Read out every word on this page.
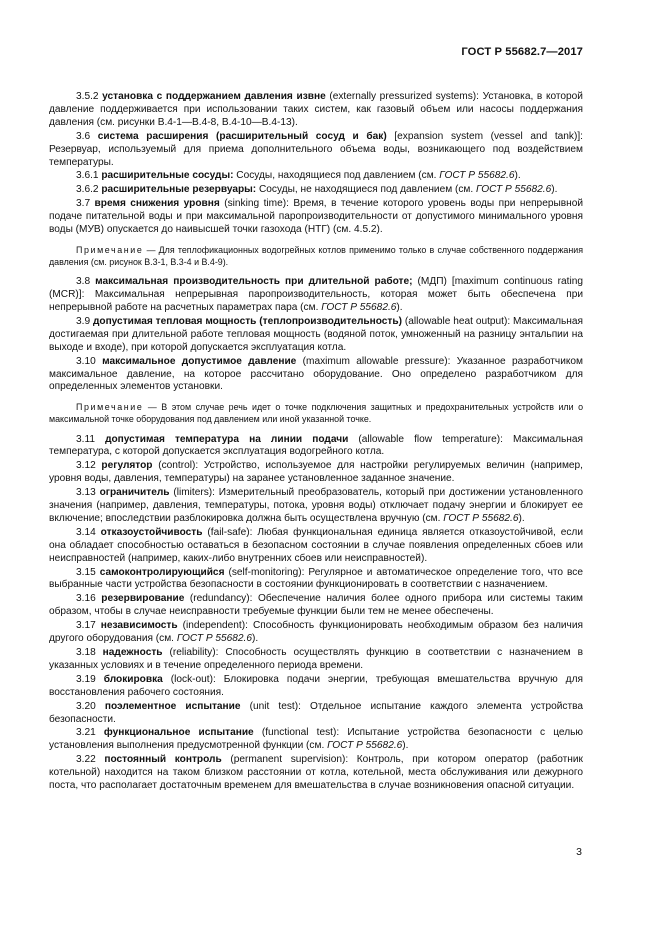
ГОСТ Р 55682.7—2017

3.5.2 установка с поддержанием давления извне (externally pressurized systems): Установка, в которой давление поддерживается при использовании таких систем, как газовый объем или насосы поддержания давления (см. рисунки В.4-1—В.4-8, В.4-10—В.4-13).

3.6 система расширения (расширительный сосуд и бак) [expansion system (vessel and tank)]: Резервуар, используемый для приема дополнительного объема воды, возникающего под воздействием температуры.

3.6.1 расширительные сосуды: Сосуды, находящиеся под давлением (см. ГОСТ Р 55682.6).

3.6.2 расширительные резервуары: Сосуды, не находящиеся под давлением (см. ГОСТ Р 55682.6).

3.7 время снижения уровня (sinking time): Время, в течение которого уровень воды при непрерывной подаче питательной воды и при максимальной паропроизводительности от допустимого минимального уровня воды (МУВ) опускается до наивысшей точки газохода (НТГ) (см. 4.5.2).

Примечание — Для теплофикационных водогрейных котлов применимо только в случае собственного поддержания давления (см. рисунок В.3-1, В.3-4 и В.4-9).

3.8 максимальная производительность при длительной работе; (МДП) [maximum continuous rating (MCR)]: Максимальная непрерывная паропроизводительность, которая может быть обеспечена при непрерывной работе на расчетных параметрах пара (см. ГОСТ Р 55682.6).

3.9 допустимая тепловая мощность (теплопроизводительность) (allowable heat output): Максимальная достигаемая при длительной работе тепловая мощность (водяной поток, умноженный на разницу энтальпии на выходе и входе), при которой допускается эксплуатация котла.

3.10 максимальное допустимое давление (maximum allowable pressure): Указанное разработчиком максимальное давление, на которое рассчитано оборудование. Оно определено разработчиком для определенных элементов установки.

Примечание — В этом случае речь идет о точке подключения защитных и предохранительных устройств или о максимальной точке оборудования под давлением или иной указанной точке.

3.11 допустимая температура на линии подачи (allowable flow temperature): Максимальная температура, с которой допускается эксплуатация водогрейного котла.

3.12 регулятор (control): Устройство, используемое для настройки регулируемых величин (например, уровня воды, давления, температуры) на заранее установленное заданное значение.

3.13 ограничитель (limiters): Измерительный преобразователь, который при достижении установленного значения (например, давления, температуры, потока, уровня воды) отключает подачу энергии и блокирует ее включение; впоследствии разблокировка должна быть осуществлена вручную (см. ГОСТ Р 55682.6).

3.14 отказоустойчивость (fail-safe): Любая функциональная единица является отказоустойчивой, если она обладает способностью оставаться в безопасном состоянии в случае появления определенных сбоев или неисправностей (например, каких-либо внутренних сбоев или неисправностей).

3.15 самоконтролирующийся (self-monitoring): Регулярное и автоматическое определение того, что все выбранные части устройства безопасности в состоянии функционировать в соответствии с назначением.

3.16 резервирование (redundancy): Обеспечение наличия более одного прибора или системы таким образом, чтобы в случае неисправности требуемые функции были тем не менее обеспечены.

3.17 независимость (independent): Способность функционировать необходимым образом без наличия другого оборудования (см. ГОСТ Р 55682.6).

3.18 надежность (reliability): Способность осуществлять функцию в соответствии с назначением в указанных условиях и в течение определенного периода времени.

3.19 блокировка (lock-out): Блокировка подачи энергии, требующая вмешательства вручную для восстановления рабочего состояния.

3.20 поэлементное испытание (unit test): Отдельное испытание каждого элемента устройства безопасности.

3.21 функциональное испытание (functional test): Испытание устройства безопасности с целью установления выполнения предусмотренной функции (см. ГОСТ Р 55682.6).

3.22 постоянный контроль (permanent supervision): Контроль, при котором оператор (работник котельной) находится на таком близком расстоянии от котла, котельной, места обслуживания или дежурного поста, что располагает достаточным временем для вмешательства в случае возникновения опасной ситуации.

3
